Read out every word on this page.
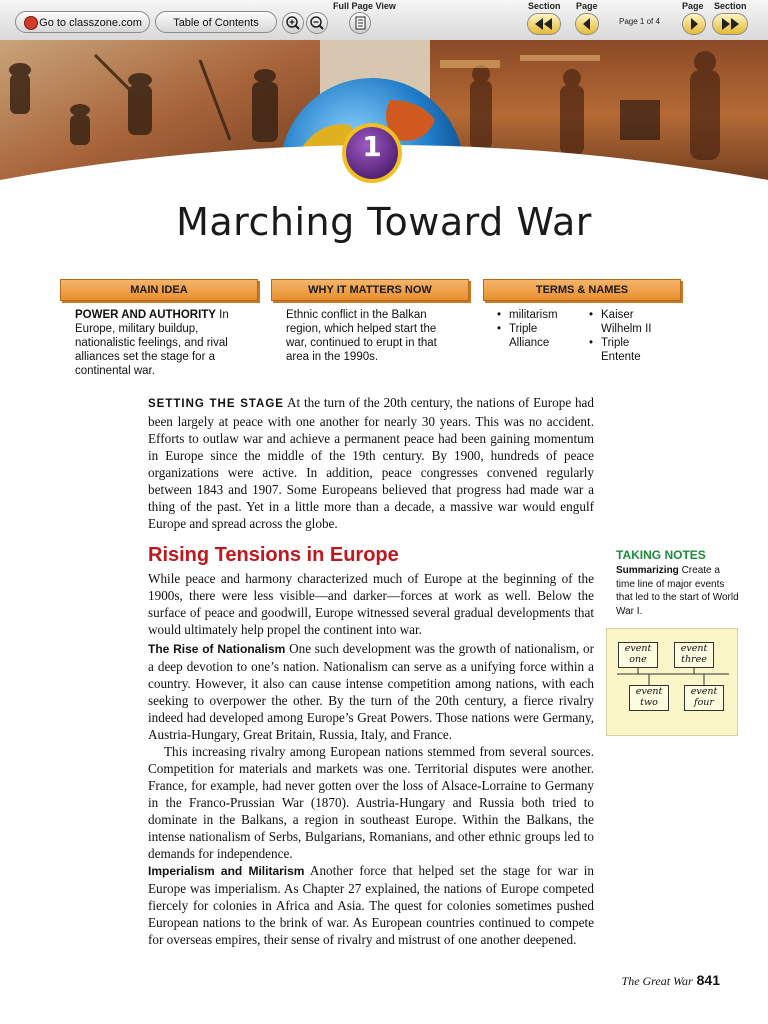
Go to classzone.com	Table of Contents
Full Page View	Section Page
Page 1 of 4
Page Section
1
Marching Toward War
MAIN IDEA	WHY IT MATTERS NOW	TERMS & NAMES
POWER AND AUTHORITY In Europe, military buildup, nationalistic feelings, and rival alliances set the stage for a continental war.
Ethnic conflict in the Balkan region, which helped start the war, continued to erupt in that area in the 1990s.
• militarism
• Triple Alliance
• Kaiser Wilhelm II
• Triple Entente

SETTING THE STAGE At the turn of the 20th century, the nations of Europe had been largely at peace with one another for nearly 30 years. This was no accident. Efforts to outlaw war and achieve a permanent peace had been gaining momentum in Europe since the middle of the 19th century. By 1900, hundreds of peace organizations were active. In addition, peace congresses convened regularly between 1843 and 1907. Some Europeans believed that progress had made war a thing of the past. Yet in a little more than a decade, a massive war would engulf Europe and spread across the globe.

Rising Tensions in Europe

While peace and harmony characterized much of Europe at the beginning of the 1900s, there were less visible—and darker—forces at work as well. Below the surface of peace and goodwill, Europe witnessed several gradual developments that would ultimately help propel the continent into war.

The Rise of Nationalism One such development was the growth of nationalism, or a deep devotion to one’s nation. Nationalism can serve as a unifying force within a country. However, it also can cause intense competition among nations, with each seeking to overpower the other. By the turn of the 20th century, a fierce rivalry indeed had developed among Europe’s Great Powers. Those nations were Germany, Austria-Hungary, Great Britain, Russia, Italy, and France.

This increasing rivalry among European nations stemmed from several sources. Competition for materials and markets was one. Territorial disputes were another. France, for example, had never gotten over the loss of Alsace-Lorraine to Germany in the Franco-Prussian War (1870). Austria-Hungary and Russia both tried to dominate in the Balkans, a region in southeast Europe. Within the Balkans, the intense nationalism of Serbs, Bulgarians, Romanians, and other ethnic groups led to demands for independence.

Imperialism and Militarism Another force that helped set the stage for war in Europe was imperialism. As Chapter 27 explained, the nations of Europe competed fiercely for colonies in Africa and Asia. The quest for colonies sometimes pushed European nations to the brink of war. As European countries continued to compete for overseas empires, their sense of rivalry and mistrust of one another deepened.

TAKING NOTES
Summarizing Create a time line of major events that led to the start of World War I.
event one
event three
event two
event four
The Great War 841
